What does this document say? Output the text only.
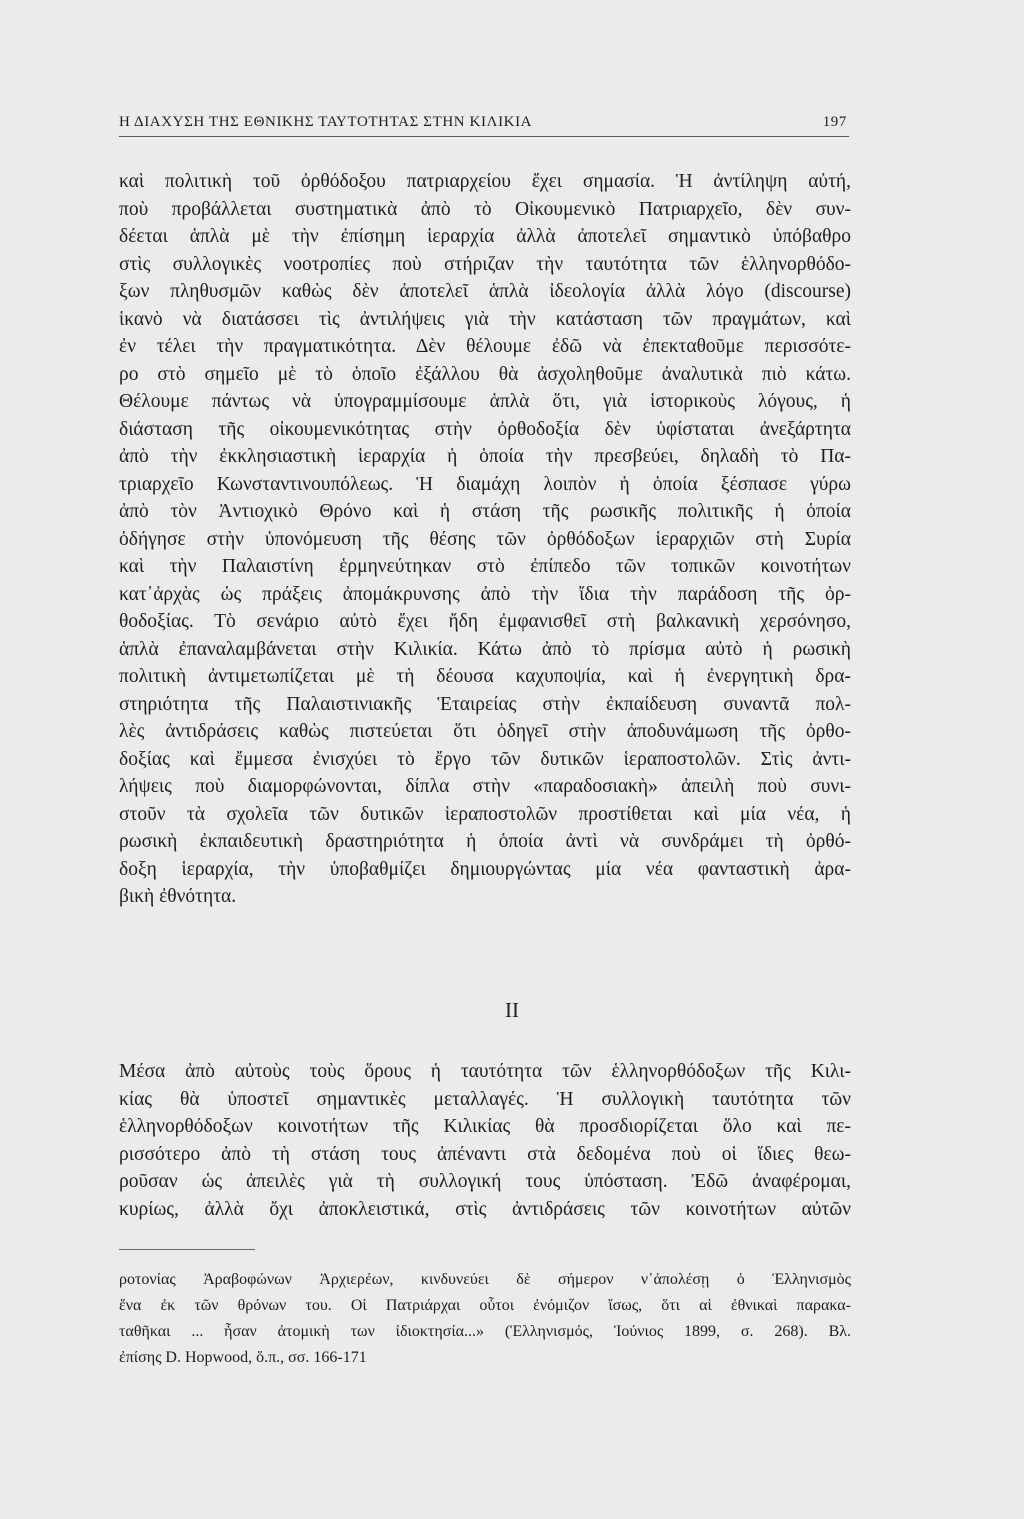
Η ΔΙΑΧΥΣΗ ΤΗΣ ΕΘΝΙΚΗΣ ΤΑΥΤΟΤΗΤΑΣ ΣΤΗΝ ΚΙΛΙΚΙΑ	197
καὶ πολιτικὴ τοῦ ὀρθόδοξου πατριαρχείου ἔχει σημασία. Ἡ ἀντίληψη αὐτή,
ποὺ προβάλλεται συστηματικὰ ἀπὸ τὸ Οἰκουμενικὸ Πατριαρχεῖο, δὲν συν-
δέεται ἁπλὰ μὲ τὴν ἐπίσημη ἱεραρχία ἀλλὰ ἀποτελεῖ σημαντικὸ ὑπόβαθρο
στὶς συλλογικὲς νοοτροπίες ποὺ στήριζαν τὴν ταυτότητα τῶν ἑλληνορθόδο-
ξων πληθυσμῶν καθὼς δὲν ἀποτελεῖ ἁπλὰ ἰδεολογία ἀλλὰ λόγο (discourse)
ἱκανὸ νὰ διατάσσει τὶς ἀντιλήψεις γιὰ τὴν κατάσταση τῶν πραγμάτων, καὶ
ἐν τέλει τὴν πραγματικότητα. Δὲν θέλουμε ἐδῶ νὰ ἐπεκταθοῦμε περισσότε-
ρο στὸ σημεῖο μὲ τὸ ὁποῖο ἐξάλλου θὰ ἀσχοληθοῦμε ἀναλυτικὰ πιὸ κάτω.
Θέλουμε πάντως νὰ ὑπογραμμίσουμε ἁπλὰ ὅτι, γιὰ ἱστορικοὺς λόγους, ἡ
διάσταση τῆς οἰκουμενικότητας στὴν ὀρθοδοξία δὲν ὑφίσταται ἀνεξάρτητα
ἀπὸ τὴν ἐκκλησιαστικὴ ἱεραρχία ἡ ὁποία τὴν πρεσβεύει, δηλαδὴ τὸ Πα-
τριαρχεῖο Κωνσταντινουπόλεως. Ἡ διαμάχη λοιπὸν ἡ ὁποία ξέσπασε γύρω
ἀπὸ τὸν Ἀντιοχικὸ Θρόνο καὶ ἡ στάση τῆς ρωσικῆς πολιτικῆς ἡ ὁποία
ὁδήγησε στὴν ὑπονόμευση τῆς θέσης τῶν ὀρθόδοξων ἱεραρχιῶν στὴ Συρία
καὶ τὴν Παλαιστίνη ἑρμηνεύτηκαν στὸ ἐπίπεδο τῶν τοπικῶν κοινοτήτων
κατ᾿ἀρχὰς ὡς πράξεις ἀπομάκρυνσης ἀπὸ τὴν ἴδια τὴν παράδοση τῆς ὀρ-
θοδοξίας. Τὸ σενάριο αὐτὸ ἔχει ἤδη ἐμφανισθεῖ στὴ βαλκανικὴ χερσόνησο,
ἁπλὰ ἐπαναλαμβάνεται στὴν Κιλικία. Κάτω ἀπὸ τὸ πρίσμα αὐτὸ ἡ ρωσικὴ
πολιτικὴ ἀντιμετωπίζεται μὲ τὴ δέουσα καχυποψία, καὶ ἡ ἐνεργητικὴ δρα-
στηριότητα τῆς Παλαιστινιακῆς Ἑταιρείας στὴν ἐκπαίδευση συναντᾶ πολ-
λὲς ἀντιδράσεις καθὼς πιστεύεται ὅτι ὁδηγεῖ στὴν ἀποδυνάμωση τῆς ὀρθο-
δοξίας καὶ ἔμμεσα ἐνισχύει τὸ ἔργο τῶν δυτικῶν ἱεραποστολῶν. Στὶς ἀντι-
λήψεις ποὺ διαμορφώνονται, δίπλα στὴν «παραδοσιακὴ» ἀπειλὴ ποὺ συνι-
στοῦν τὰ σχολεῖα τῶν δυτικῶν ἱεραποστολῶν προστίθεται καὶ μία νέα, ἡ
ρωσικὴ ἐκπαιδευτικὴ δραστηριότητα ἡ ὁποία ἀντὶ νὰ συνδράμει τὴ ὀρθό-
δοξη ἱεραρχία, τὴν ὑποβαθμίζει δημιουργώντας μία νέα φανταστικὴ ἀρα-
βικὴ ἐθνότητα.
II
Μέσα ἀπὸ αὐτοὺς τοὺς ὅρους ἡ ταυτότητα τῶν ἑλληνορθόδοξων τῆς Κιλι-
κίας θὰ ὑποστεῖ σημαντικὲς μεταλλαγές. Ἡ συλλογικὴ ταυτότητα τῶν
ἑλληνορθόδοξων κοινοτήτων τῆς Κιλικίας θὰ προσδιορίζεται ὅλο καὶ πε-
ρισσότερο ἀπὸ τὴ στάση τους ἀπέναντι στὰ δεδομένα ποὺ οἱ ἴδιες θεω-
ροῦσαν ὡς ἀπειλὲς γιὰ τὴ συλλογική τους ὑπόσταση. Ἐδῶ ἀναφέρομαι,
κυρίως, ἀλλὰ ὄχι ἀποκλειστικά, στὶς ἀντιδράσεις τῶν κοινοτήτων αὐτῶν
ροτονίας Ἀραβοφώνων Ἀρχιερέων, κινδυνεύει δὲ σήμερον ν᾿ἀπολέσῃ ὁ Ἑλληνισμὸς
ἕνα ἐκ τῶν θρόνων του. Οἱ Πατριάρχαι οὗτοι ἐνόμιζον ἴσως, ὅτι αἱ ἐθνικαὶ παρακα-
ταθῆκαι ... ἦσαν ἀτομικὴ των ἰδιοκτησία...» (Ἑλληνισμός, Ἰούνιος 1899, σ. 268). Βλ.
ἐπίσης D. Hopwood, ὅ.π., σσ. 166-171
